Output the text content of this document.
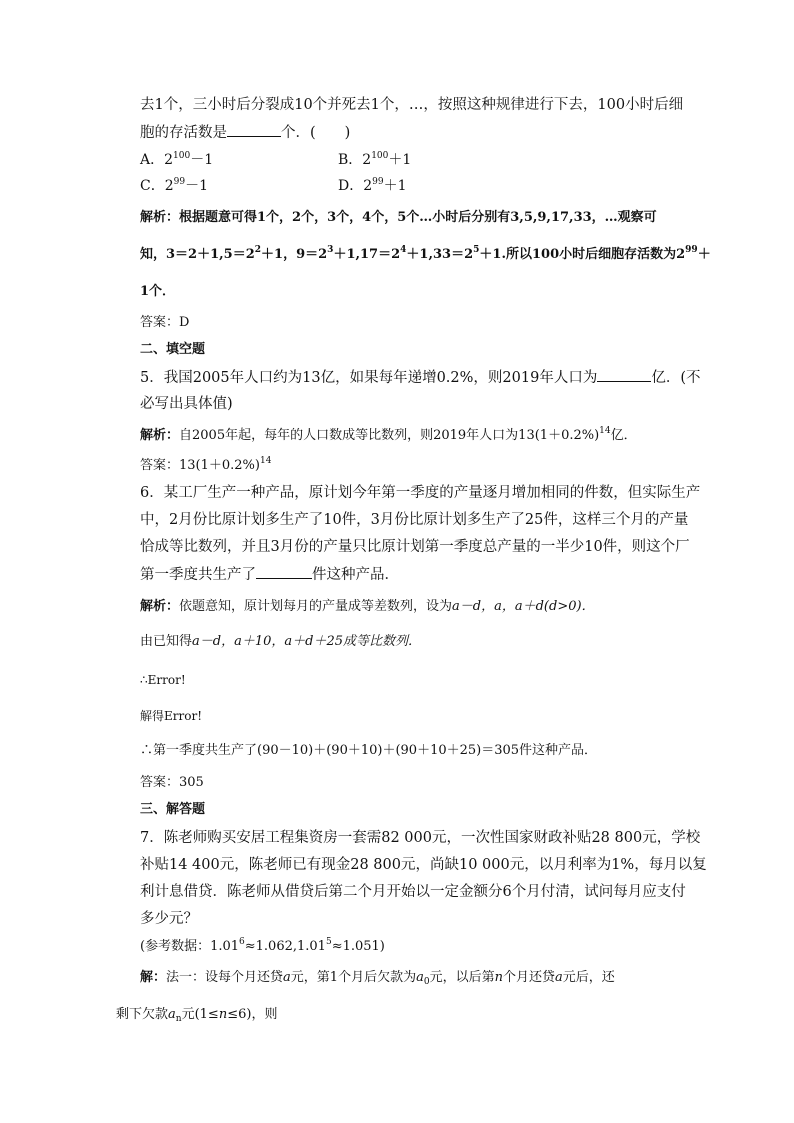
去1个，三小时后分裂成10个并死去1个，…，按照这种规律进行下去，100小时后细
胞的存活数是	个．(　　)
A．$2^{100}-1$	B．$2^{100}+1$
C．$2^{99}-1$	D．$2^{99}+1$
解析：根据题意可得1个，2个，3个，4个，5个…小时后分别有3,5,9,17,33，…观察可
知，$3=2+1,5=2^2+1$，$9=2^3+1,17=2^4+1,33=2^5+1$.所以100小时后细胞存活数为$2^{99}+$
1个．
答案：D
二、填空题
5．我国2005年人口约为13亿，如果每年递增0.2%，则2019年人口为	亿．(不
必写出具体值)
解析：自2005年起，每年的人口数成等比数列，则2019年人口为$13(1+0.2\%)^{14}$亿．
答案：$13(1+0.2\%)^{14}$
6．某工厂生产一种产品，原计划今年第一季度的产量逐月增加相同的件数，但实际生产
中，2月份比原计划多生产了10件，3月份比原计划多生产了25件，这样三个月的产量
恰成等比数列，并且3月份的产量只比原计划第一季度总产量的一半少10件，则这个厂
第一季度共生产了	件这种产品．
解析：依题意知，原计划每月的产量成等差数列，设为a－d，a，a＋d(d>0)．
由已知得a－d，a＋10，a＋d＋25成等比数列．
∴Error!
解得Error!
∴第一季度共生产了(90－10)＋(90＋10)＋(90＋10＋25)＝305件这种产品．
答案：305
三、解答题
7．陈老师购买安居工程集资房一套需82 000元，一次性国家财政补贴28 800元，学校
补贴14 400元，陈老师已有现金28 800元，尚缺10 000元，以月利率为1%，每月以复
利计息借贷．陈老师从借贷后第二个月开始以一定金额分6个月付清，试问每月应支付
多少元？
(参考数据：$1.01^6\approx 1.062,1.01^5\approx 1.051$)
解：法一：设每个月还贷a元，第1个月后欠款为$a_0$元，以后第n个月还贷a元后，还
剩下欠款$a_n$元(1≤n≤6)，则
